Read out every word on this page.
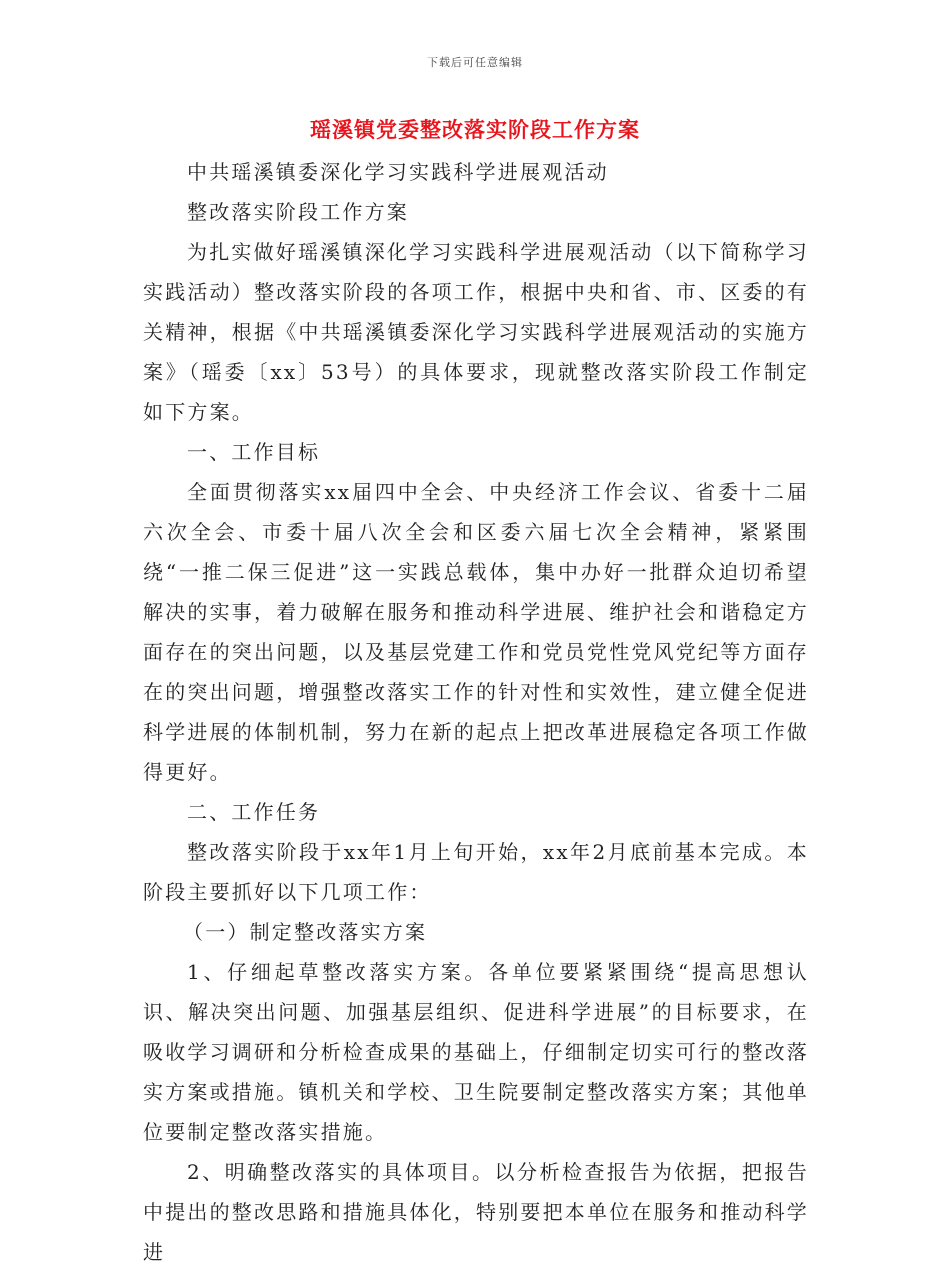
下载后可任意编辑
瑶溪镇党委整改落实阶段工作方案

中共瑶溪镇委深化学习实践科学进展观活动

整改落实阶段工作方案

为扎实做好瑶溪镇深化学习实践科学进展观活动（以下简称学习实践活动）整改落实阶段的各项工作，根据中央和省、市、区委的有关精神，根据《中共瑶溪镇委深化学习实践科学进展观活动的实施方案》（瑶委〔xx〕53号）的具体要求，现就整改落实阶段工作制定如下方案。

一、工作目标

全面贯彻落实xx届四中全会、中央经济工作会议、省委十二届六次全会、市委十届八次全会和区委六届七次全会精神，紧紧围绕“一推二保三促进”这一实践总载体，集中办好一批群众迫切希望解决的实事，着力破解在服务和推动科学进展、维护社会和谐稳定方面存在的突出问题，以及基层党建工作和党员党性党风党纪等方面存在的突出问题，增强整改落实工作的针对性和实效性，建立健全促进科学进展的体制机制，努力在新的起点上把改革进展稳定各项工作做得更好。

二、工作任务

整改落实阶段于xx年1月上旬开始，xx年2月底前基本完成。本阶段主要抓好以下几项工作：

（一）制定整改落实方案

1、仔细起草整改落实方案。各单位要紧紧围绕“提高思想认识、解决突出问题、加强基层组织、促进科学进展”的目标要求，在吸收学习调研和分析检查成果的基础上，仔细制定切实可行的整改落实方案或措施。镇机关和学校、卫生院要制定整改落实方案；其他单位要制定整改落实措施。

2、明确整改落实的具体项目。以分析检查报告为依据，把报告中提出的整改思路和措施具体化，特别要把本单位在服务和推动科学进
